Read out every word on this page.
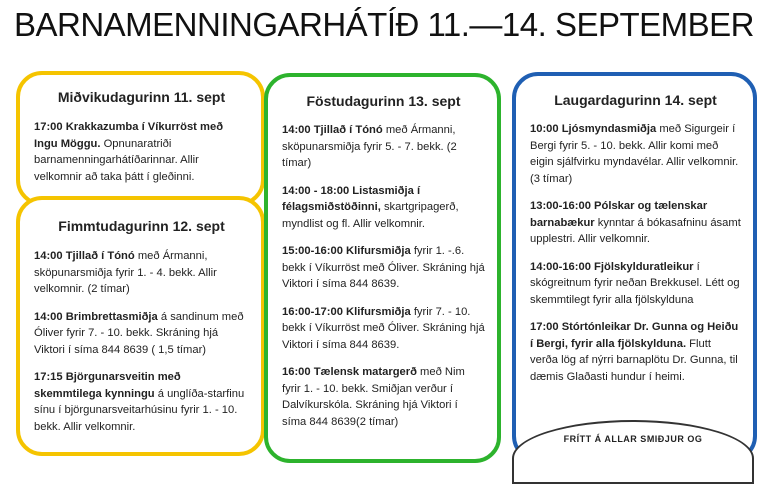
BARNAMENNINGARHÁTÍÐ 11.—14. SEPTEMBER
Miðvikudagurinn 11. sept

17:00 Krakkazumba í Víkurröst með Ingu Möggu. Opnunaratriði barnamenningarhátíðarinnar. Allir velkomnir að taka þátt í gleðinni.

Fimmtudagurinn 12. sept

14:00 Tjillað í Tónó með Ármanni, sköpunarsmiðja fyrir 1. - 4. bekk. Allir velkomnir. (2 tímar)

14:00 Brimbrettasmiðja á sandinum með Óliver fyrir 7. - 10. bekk. Skráning hjá Viktori í síma 844 8639 ( 1,5 tímar)

17:15 Björgunarsveitin með skemmtilega kynningu á unglíða-starfinu sínu í björgunarsveitarhúsinu fyrir 1. - 10. bekk. Allir velkomnir.

Föstudagurinn 13. sept

14:00 Tjillað í Tónó með Ármanni, sköpunarsmiðja fyrir 5. - 7. bekk. (2 tímar)

14:00 - 18:00 Listasmiðja í félagsmiðstöðinni, skartgripagerð, myndlist og fl. Allir velkomnir.

15:00-16:00 Klifursmiðja fyrir 1. -.6. bekk í Víkurröst með Óliver. Skráning hjá Viktori í síma 844 8639.

16:00-17:00 Klifursmiðja fyrir 7. - 10. bekk í Víkurröst með Óliver. Skráning hjá Viktori í síma 844 8639.

16:00 Tælensk matargerð með Nim fyrir 1. - 10. bekk. Smiðjan verður í Dalvíkurskóla. Skráning hjá Viktori í síma 844 8639(2 tímar)

Laugardagurinn 14. sept

10:00 Ljósmyndasmiðja með Sigurgeir í Bergi fyrir 5. - 10. bekk. Allir komi með eigin sjálfvirku myndavélar. Allir velkomnir. (3 tímar)

13:00-16:00 Pólskar og tælenskar barnabækur kynntar á bókasafninu ásamt upplestri. Allir velkomnir.

14:00-16:00 Fjölskylduratleikur í skógreitnum fyrir neðan Brekkusel. Létt og skemmtilegt fyrir alla fjölskylduna

17:00 Stórtónleikar Dr. Gunna og Heiðu í Bergi, fyrir alla fjölskylduna. Flutt verða lög af nýrri barnaplötu Dr. Gunna, til dæmis Glaðasti hundur í heimi.

FRÍTT Á ALLAR SMIÐJUR OG
